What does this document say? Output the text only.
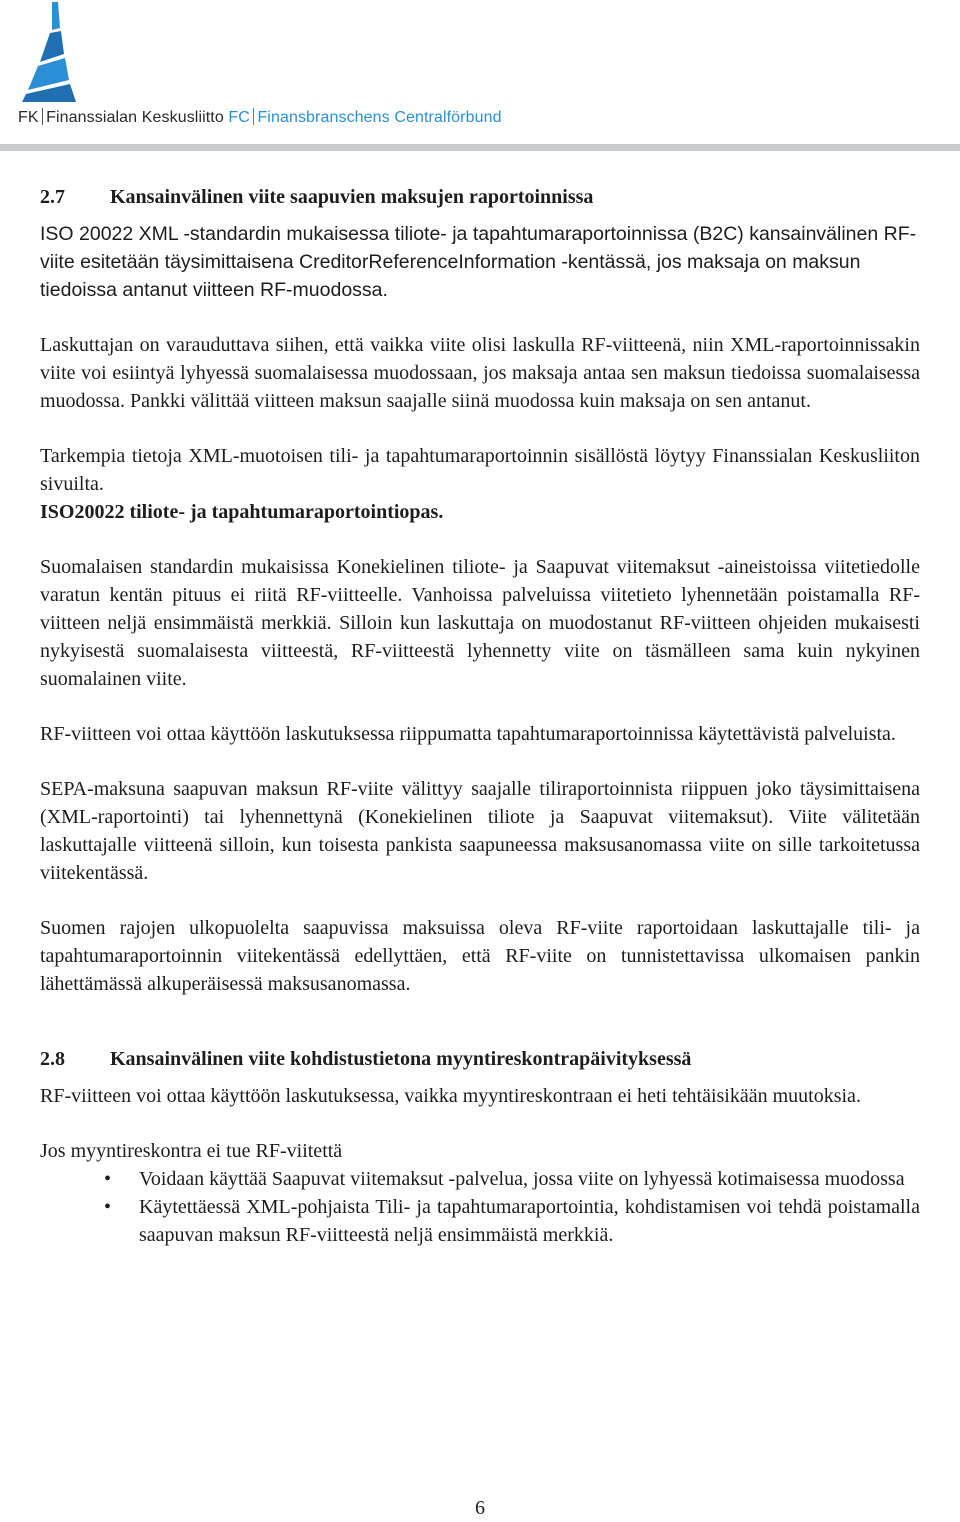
FK Finanssialan Keskusliitto FC Finansbranschens Centralförbund
2.7 Kansainvälinen viite saapuvien maksujen raportoinnissa

ISO 20022 XML -standardin mukaisessa tiliote- ja tapahtumaraportoinnissa (B2C) kansainvälinen RF-viite esitetään täysimittaisena CreditorReferenceInformation -kentässä, jos maksaja on maksun tiedoissa antanut viitteen RF-muodossa.

Laskuttajan on varauduttava siihen, että vaikka viite olisi laskulla RF-viitteenä, niin XML-raportoinnissakin viite voi esiintyä lyhyessä suomalaisessa muodossaan, jos maksaja antaa sen maksun tiedoissa suomalaisessa muodossa. Pankki välittää viitteen maksun saajalle siinä muodossa kuin maksaja on sen antanut.

Tarkempia tietoja XML-muotoisen tili- ja tapahtumaraportoinnin sisällöstä löytyy Finanssialan Keskusliiton sivuilta.

ISO20022 tiliote- ja tapahtumaraportointiopas.

Suomalaisen standardin mukaisissa Konekielinen tiliote- ja Saapuvat viitemaksut -aineistoissa viitetiedolle varatun kentän pituus ei riitä RF-viitteelle. Vanhoissa palveluissa viitetieto lyhennetään poistamalla RF-viitteen neljä ensimmäistä merkkiä. Silloin kun laskuttaja on muodostanut RF-viitteen ohjeiden mukaisesti nykyisestä suomalaisesta viitteestä, RF-viitteestä lyhennetty viite on täsmälleen sama kuin nykyinen suomalainen viite.

RF-viitteen voi ottaa käyttöön laskutuksessa riippumatta tapahtumaraportoinnissa käytettävistä palveluista.

SEPA-maksuna saapuvan maksun RF-viite välittyy saajalle tiliraportoinnista riippuen joko täysimittaisena (XML-raportointi) tai lyhennettynä (Konekielinen tiliote ja Saapuvat viitemaksut). Viite välitetään laskuttajalle viitteenä silloin, kun toisesta pankista saapuneessa maksusanomassa viite on sille tarkoitetussa viitekentässä.

Suomen rajojen ulkopuolelta saapuvissa maksuissa oleva RF-viite raportoidaan laskuttajalle tili- ja tapahtumaraportoinnin viitekentässä edellyttäen, että RF-viite on tunnistettavissa ulkomaisen pankin lähettämässä alkuperäisessä maksusanomassa.

2.8 Kansainvälinen viite kohdistustietona myyntireskontrapäivityksessä

RF-viitteen voi ottaa käyttöön laskutuksessa, vaikka myyntireskontraan ei heti tehtäisikään muutoksia.

Jos myyntireskontra ei tue RF-viitettä

• Voidaan käyttää Saapuvat viitemaksut -palvelua, jossa viite on lyhyessä kotimaisessa muodossa
• Käytettäessä XML-pohjaista Tili- ja tapahtumaraportointia, kohdistamisen voi tehdä poistamalla saapuvan maksun RF-viitteestä neljä ensimmäistä merkkiä.
6
